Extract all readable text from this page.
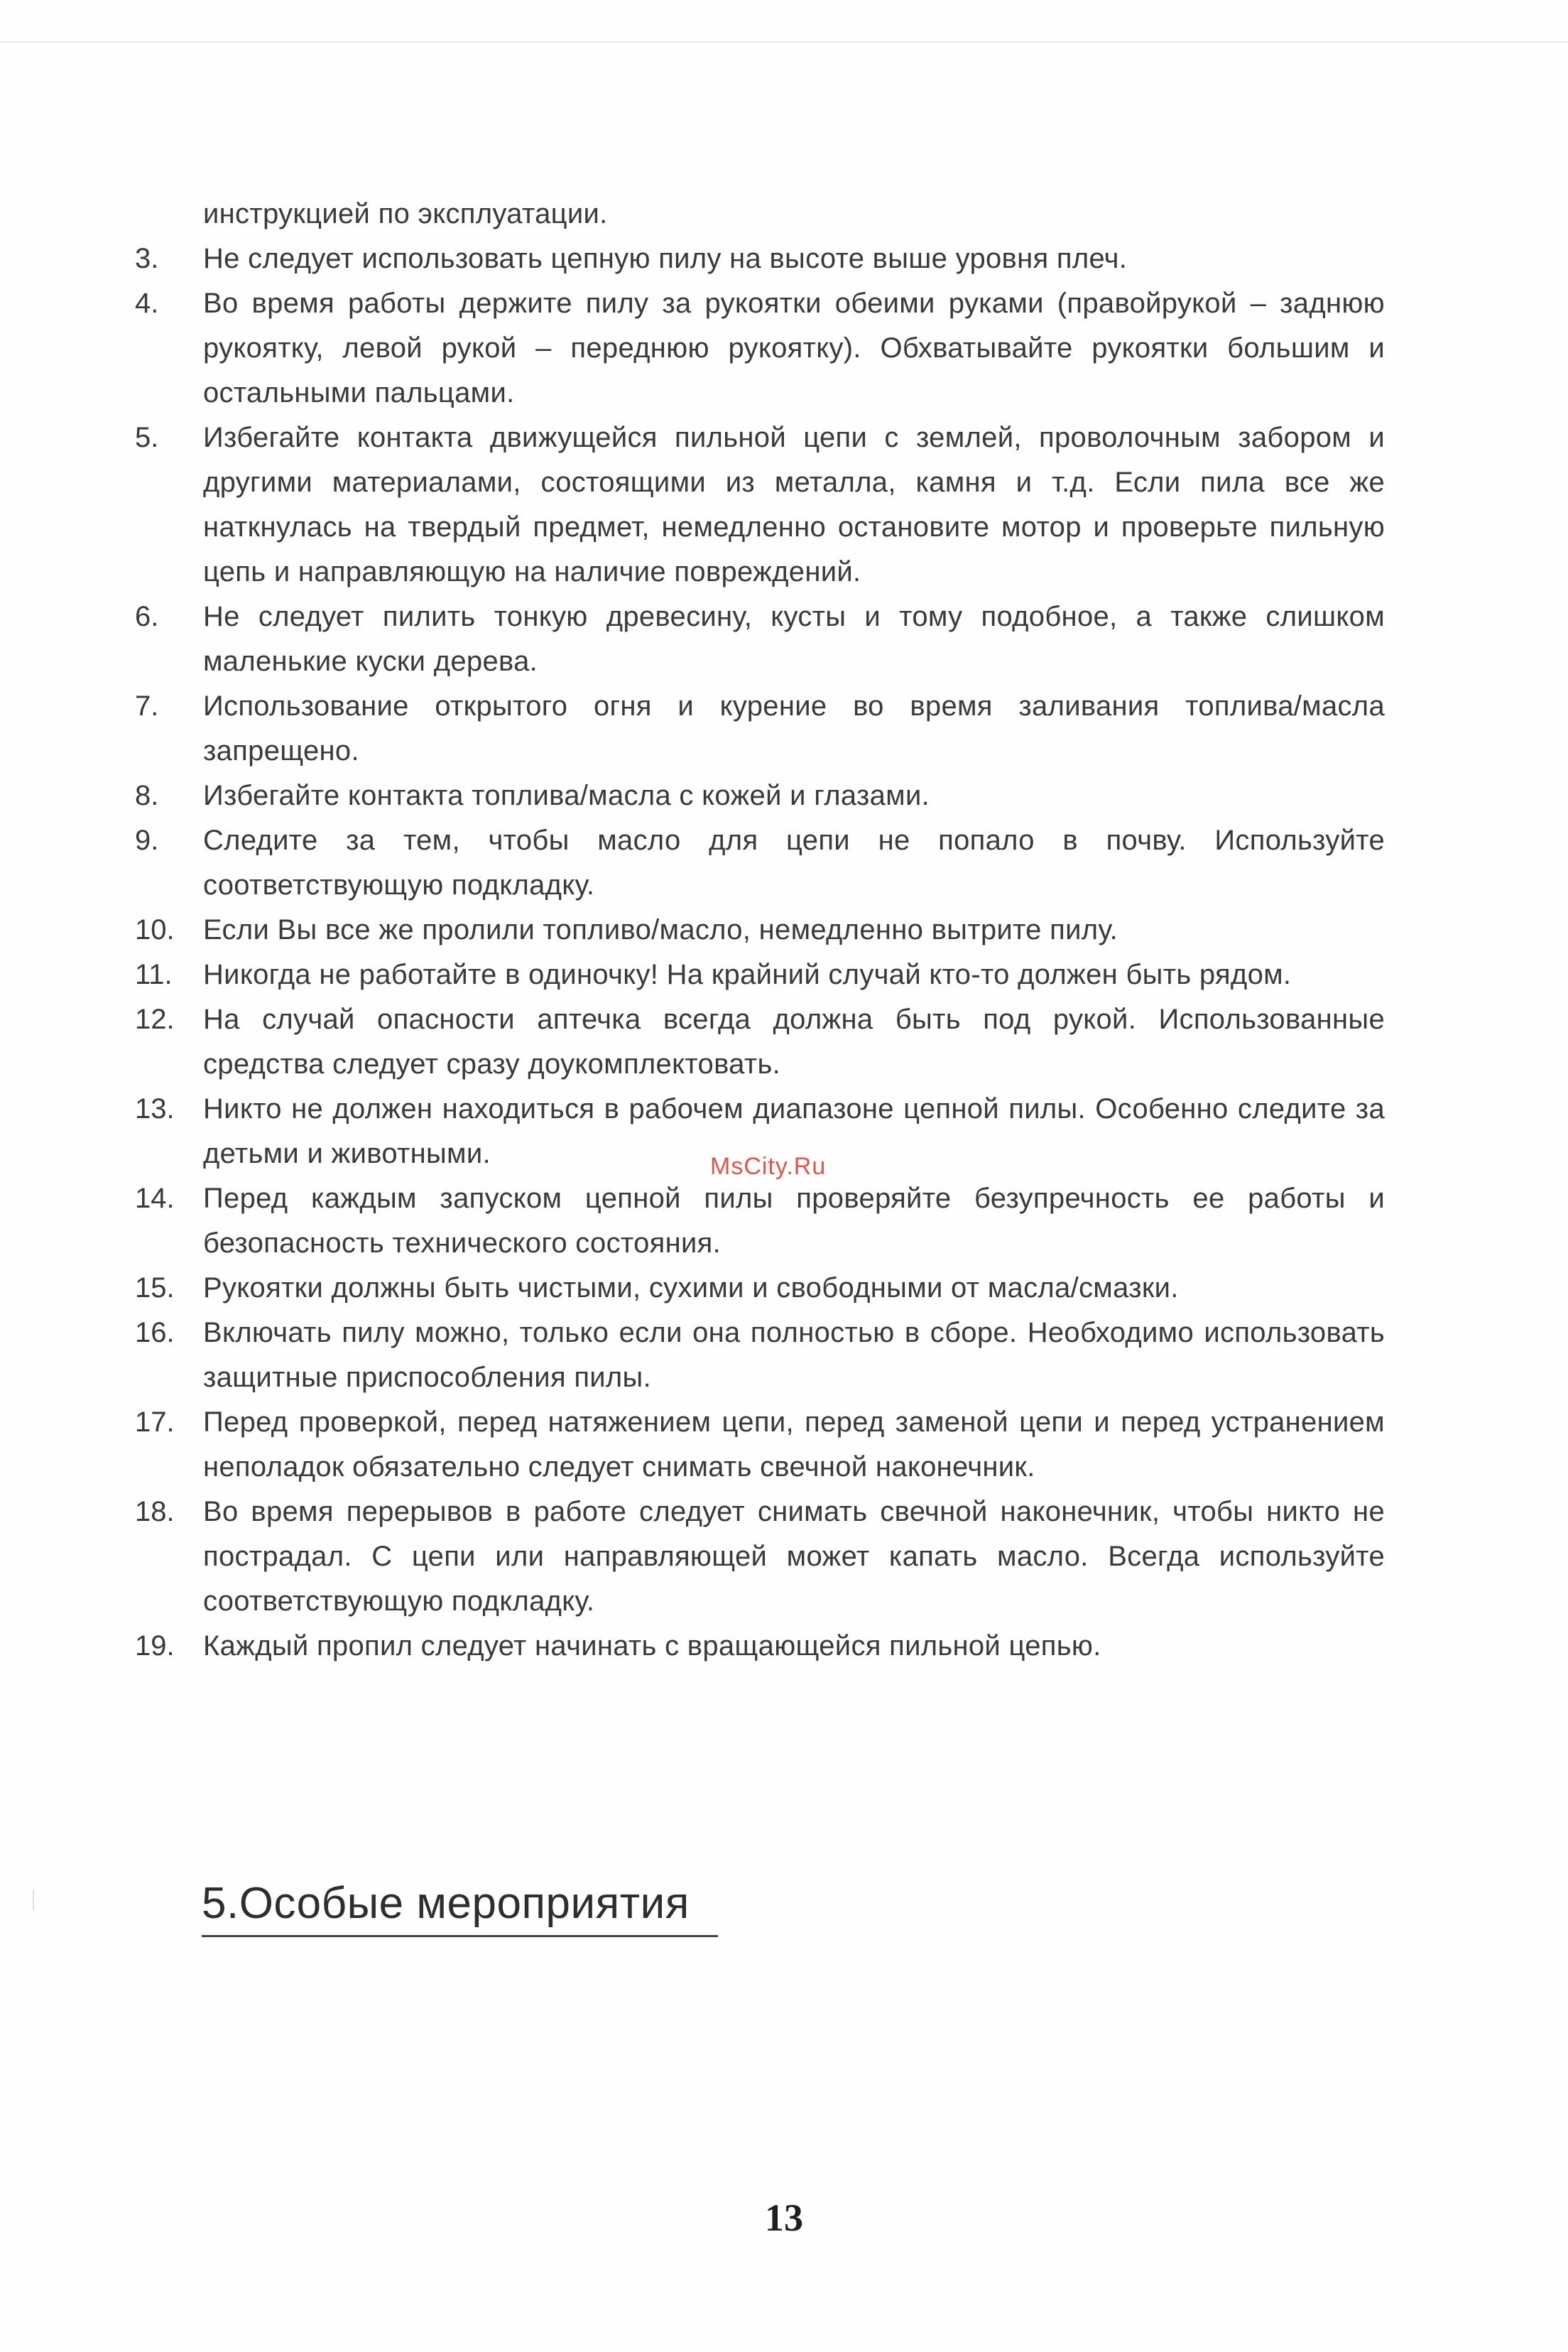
инструкцией по эксплуатации.
3.	Не следует использовать цепную пилу на высоте выше уровня плеч.
4.	Во время работы держите пилу за рукоятки обеими руками (правойрукой – заднюю рукоятку, левой рукой – переднюю рукоятку). Обхватывайте рукоятки большим и остальными пальцами.
5.	Избегайте контакта движущейся пильной цепи с землей, проволочным забором и другими материалами, состоящими из металла, камня и т.д. Если пила все же наткнулась на твердый предмет, немедленно остановите мотор и проверьте пильную цепь и направляющую на наличие повреждений.
6.	Не следует пилить тонкую древесину, кусты и тому подобное, а также слишком маленькие куски дерева.
7.	Использование открытого огня и курение во время заливания топлива/масла запрещено.
8.	Избегайте контакта топлива/масла с кожей и глазами.
9.	Следите за тем, чтобы масло для цепи не попало в почву. Используйте соответствующую подкладку.
10.	Если Вы все же пролили топливо/масло, немедленно вытрите пилу.
11.	Никогда не работайте в одиночку! На крайний случай кто-то должен быть рядом.
12.	На случай опасности аптечка всегда должна быть под рукой. Использованные средства следует сразу доукомплектовать.
13.	Никто не должен находиться в рабочем диапазоне цепной пилы. Особенно следите за детьми и животными.
14.	Перед каждым запуском цепной пилы проверяйте безупречность ее работы и безопасность технического состояния.
15.	Рукоятки должны быть чистыми, сухими и свободными от масла/смазки.
16.	Включать пилу можно, только если она полностью в сборе. Необходимо использовать защитные приспособления пилы.
17.	Перед проверкой, перед натяжением цепи, перед заменой цепи и перед устранением неполадок обязательно следует снимать свечной наконечник.
18.	Во время перерывов в работе следует снимать свечной наконечник, чтобы никто не пострадал. С цепи или направляющей может капать масло. Всегда используйте соответствующую подкладку.
19.	Каждый пропил следует начинать с вращающейся пильной цепью.
MsCity.Ru
5.Особые мероприятия
13
